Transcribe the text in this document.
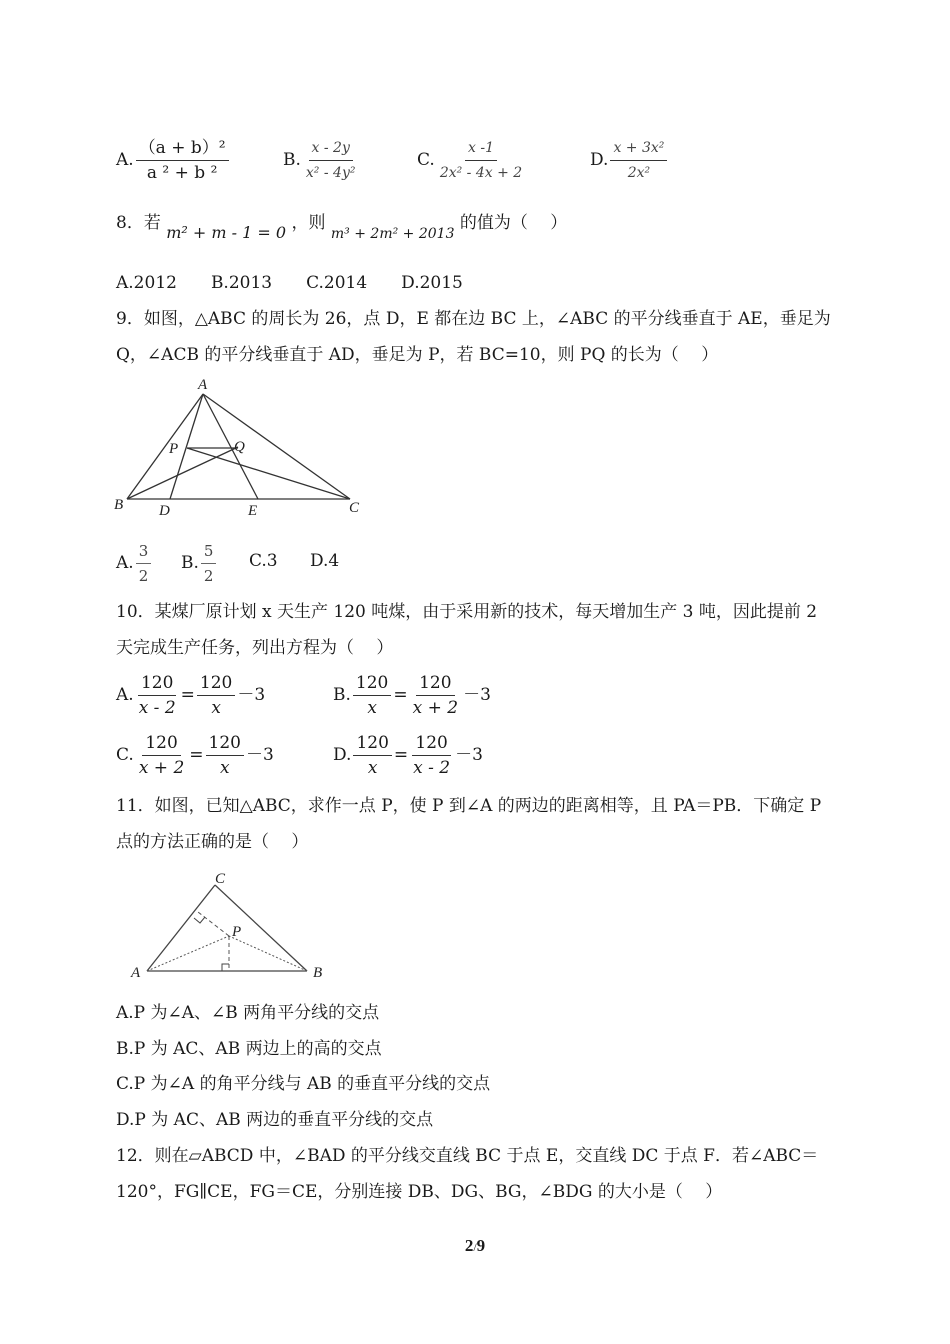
A. $\frac{\text{（a + b）²}}{\text{a ² + b ²}}$	B. $\frac{x - 2y}{\text{x² - 4y²}}$	C. $\frac{x -1}{\text{2x² - 4x + 2}}$	D. $\frac{\text{x + 3x²}}{\text{2x²}}$
8．若 m² + m - 1 = 0 ，则 $_{m^3 + 2m^2 + 2013}$ 的值为（　 ）
A.2012　　B.2013　　C.2014　　D.2015
9．如图，△ABC 的周长为 26，点 D，E 都在边 BC 上，∠ABC 的平分线垂直于 AE，垂足为
Q，∠ACB 的平分线垂直于 AD，垂足为 P，若 BC=10，则 PQ 的长为（　 ）
A
B	C
D	E
P	Q
A. $\frac{3}{2} B$. $\frac{5}{2} C.3$ D.4
10．某煤厂原计划 x 天生产 120 吨煤，由于采用新的技术，每天增加生产 3 吨，因此提前 2
天完成生产任务，列出方程为（　 ）
A. $\frac{120}{x - 2} = \frac{120}{x} -3$	B. $\frac{120}{x} = \frac{120}{x + 2} -3$
C. $\frac{120}{x + 2} = \frac{120}{x} -3$	D. $\frac{120}{x} = \frac{120}{x - 2} -3$
11．如图，已知△ABC，求作一点 P，使 P 到∠A 的两边的距离相等，且 PA＝PB．下确定 P
点的方法正确的是（　 ）
C
A	B
P
A.P 为∠A、∠B 两角平分线的交点
B.P 为 AC、AB 两边上的高的交点
C.P 为∠A 的角平分线与 AB 的垂直平分线的交点
D.P 为 AC、AB 两边的垂直平分线的交点
12．则在▱ABCD 中，∠BAD 的平分线交直线 BC 于点 E，交直线 DC 于点 F．若∠ABC＝
120°，FG∥CE，FG＝CE，分别连接 DB、DG、BG，∠BDG 的大小是（　 ）
2/9
